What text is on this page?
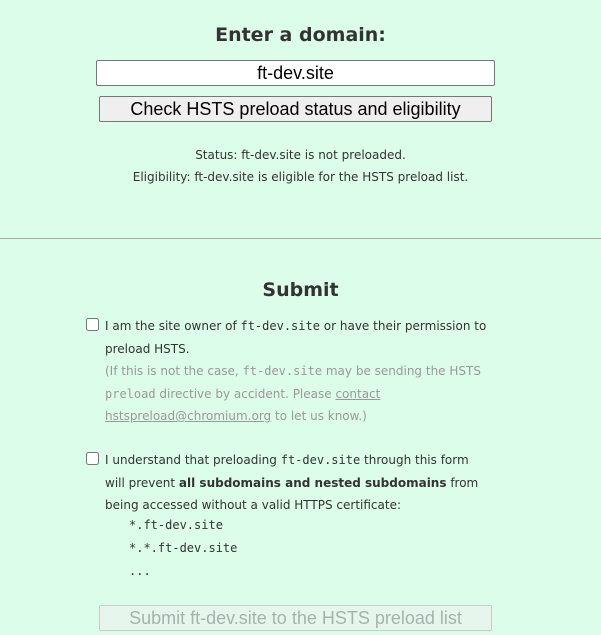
Enter a domain:
ft-dev.site
Check HSTS preload status and eligibility
Status: ft-dev.site is not preloaded.
Eligibility: ft-dev.site is eligible for the HSTS preload list.
Submit
I am the site owner of ft-dev.site or have their permission to preload HSTS.
(If this is not the case, ft-dev.site may be sending the HSTS preload directive by accident. Please contact
hstspreload@chromium.org to let us know.)
I understand that preloading ft-dev.site through this form will prevent all subdomains and nested subdomains from being accessed without a valid HTTPS certificate:
*.ft-dev.site
*.*.ft-dev.site
...
Submit ft-dev.site to the HSTS preload list
